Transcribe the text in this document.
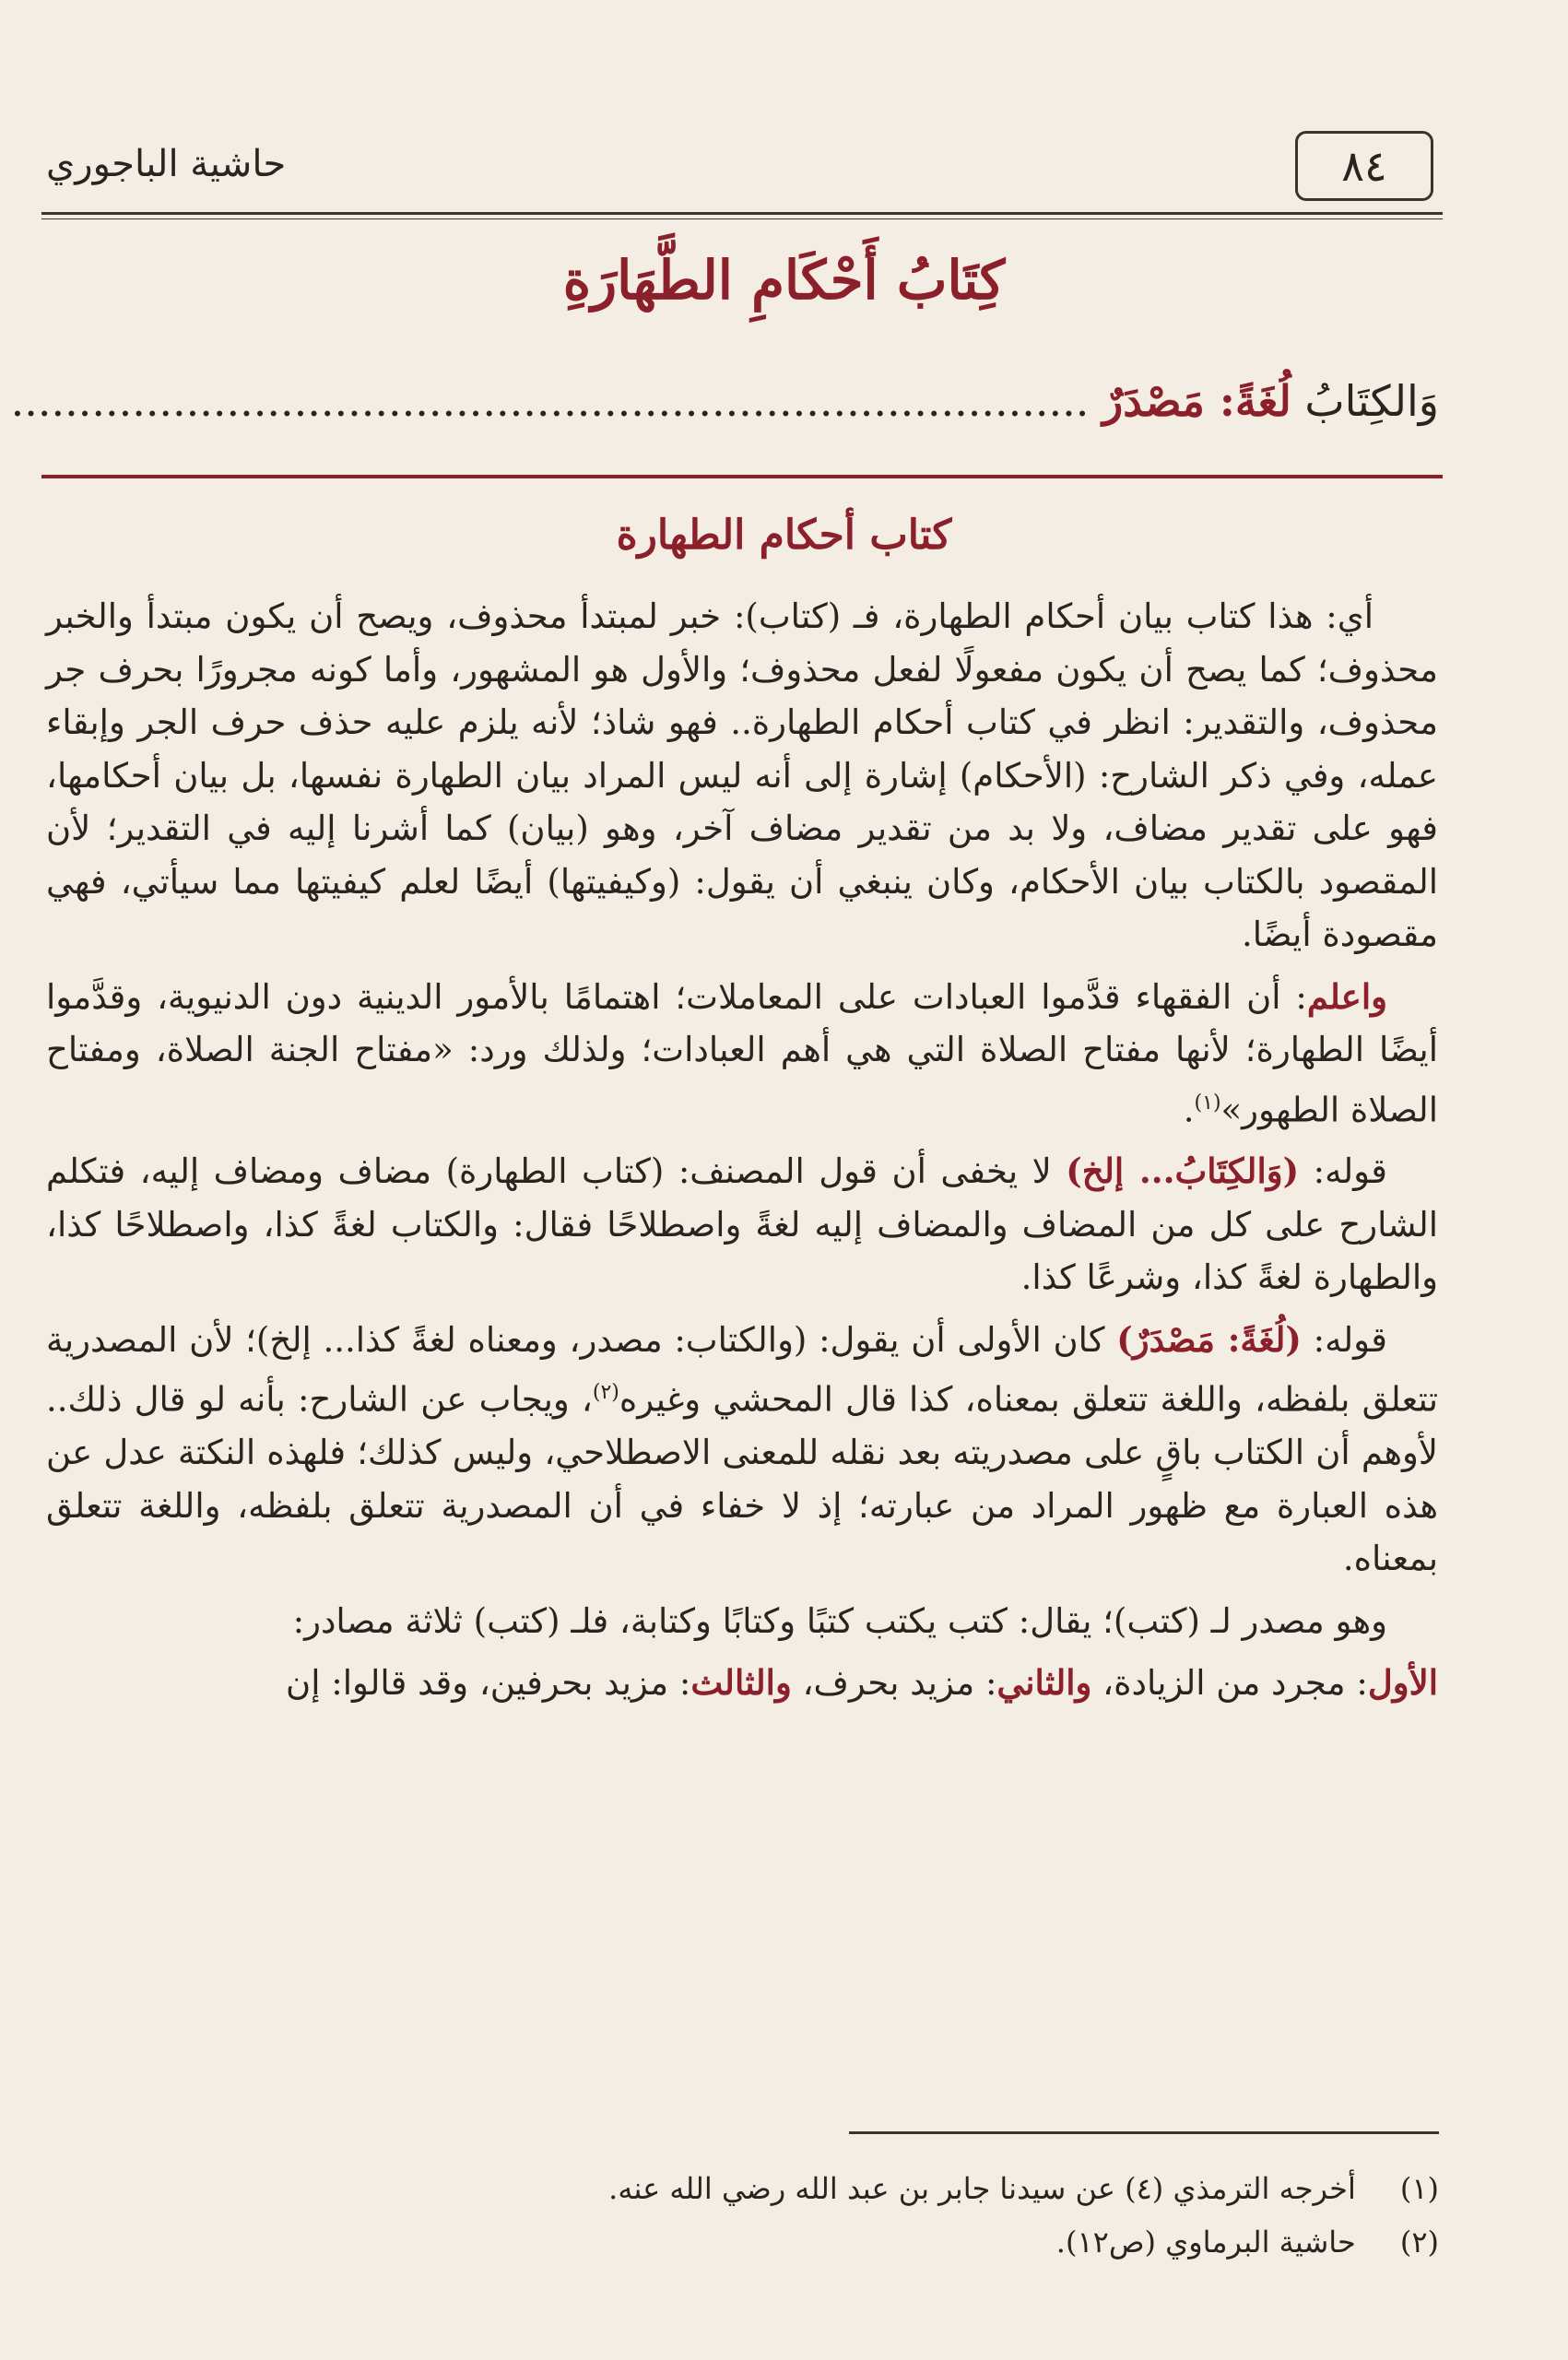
حاشية الباجوري	٨٤
كِتَابُ أَحْكَامِ الطَّهَارَةِ
وَالكِتَابُ لُغَةً: مَصْدَرٌ ................................................................................
كتاب أحكام الطهارة

أي: هذا كتاب بيان أحكام الطهارة، فـ (كتاب): خبر لمبتدأ محذوف، ويصح أن يكون مبتدأ والخبر محذوف؛ كما يصح أن يكون مفعولًا لفعل محذوف؛ والأول هو المشهور، وأما كونه مجرورًا بحرف جر محذوف، والتقدير: انظر في كتاب أحكام الطهارة.. فهو شاذ؛ لأنه يلزم عليه حذف حرف الجر وإبقاء عمله، وفي ذكر الشارح: (الأحكام) إشارة إلى أنه ليس المراد بيان الطهارة نفسها، بل بيان أحكامها، فهو على تقدير مضاف، ولا بد من تقدير مضاف آخر، وهو (بيان) كما أشرنا إليه في التقدير؛ لأن المقصود بالكتاب بيان الأحكام، وكان ينبغي أن يقول: (وكيفيتها) أيضًا لعلم كيفيتها مما سيأتي، فهي مقصودة أيضًا.

واعلم: أن الفقهاء قدَّموا العبادات على المعاملات؛ اهتمامًا بالأمور الدينية دون الدنيوية، وقدَّموا أيضًا الطهارة؛ لأنها مفتاح الصلاة التي هي أهم العبادات؛ ولذلك ورد: «مفتاح الجنة الصلاة، ومفتاح الصلاة الطهور»$^{(١)}$.

قوله: (وَالكِتَابُ... إلخ) لا يخفى أن قول المصنف: (كتاب الطهارة) مضاف ومضاف إليه، فتكلم الشارح على كل من المضاف والمضاف إليه لغةً واصطلاحًا فقال: والكتاب لغةً كذا، واصطلاحًا كذا، والطهارة لغةً كذا، وشرعًا كذا.

قوله: (لُغَةً: مَصْدَرٌ) كان الأولى أن يقول: (والكتاب: مصدر، ومعناه لغةً كذا... إلخ)؛ لأن المصدرية تتعلق بلفظه، واللغة تتعلق بمعناه، كذا قال المحشي وغيره$^{(٢)}$، ويجاب عن الشارح: بأنه لو قال ذلك.. لأوهم أن الكتاب باقٍ على مصدريته بعد نقله للمعنى الاصطلاحي، وليس كذلك؛ فلهذه النكتة عدل عن هذه العبارة مع ظهور المراد من عبارته؛ إذ لا خفاء في أن المصدرية تتعلق بلفظه، واللغة تتعلق بمعناه.

وهو مصدر لـ (كتب)؛ يقال: كتب يكتب كتبًا وكتابًا وكتابة، فلـ (كتب) ثلاثة مصادر:

الأول: مجرد من الزيادة، والثاني: مزيد بحرف، والثالث: مزيد بحرفين، وقد قالوا: إن

(١) أخرجه الترمذي (٤) عن سيدنا جابر بن عبد الله رضي الله عنه.
(٢) حاشية البرماوي (ص١٢).
